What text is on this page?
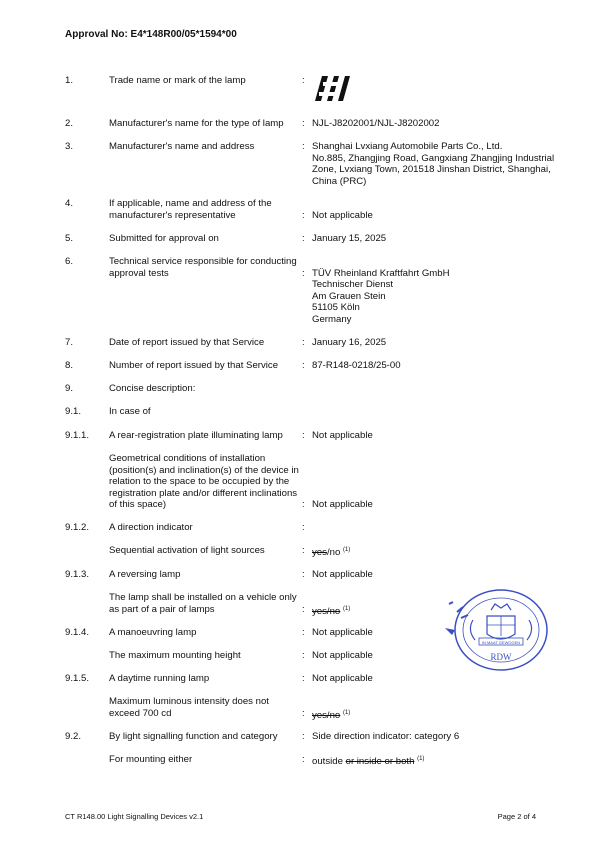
Approval No: E4*148R00/05*1594*00
1.	Trade name or mark of the lamp	:
2.	Manufacturer's name for the type of lamp	: NJL-J8202001/NJL-J8202002
3.	Manufacturer's name and address	: Shanghai Lvxiang Automobile Parts Co., Ltd.
No.885, Zhangjing Road, Gangxiang Zhangjing Industrial Zone, Lvxiang Town, 201518 Jinshan District, Shanghai, China (PRC)
4.	If applicable, name and address of the manufacturer's representative	: Not applicable
5.	Submitted for approval on	: January 15, 2025
6.	Technical service responsible for conducting approval tests	: TÜV Rheinland Kraftfahrt GmbH
Technischer Dienst
Am Grauen Stein
51105 Köln
Germany
7.	Date of report issued by that Service	: January 16, 2025
8.	Number of report issued by that Service	: 87-R148-0218/25-00
9.	Concise description:
9.1.	In case of
9.1.1. A rear-registration plate illuminating lamp	: Not applicable
Geometrical conditions of installation (position(s) and inclination(s) of the device in relation to the space to be occupied by the registration plate and/or different inclinations of this space)	: Not applicable
9.1.2. A direction indicator	:
Sequential activation of light sources	: yes/no $^{(1)}$
9.1.3. A reversing lamp	: Not applicable
The lamp shall be installed on a vehicle only as part of a pair of lamps	: yes/no $^{(1)}$
9.1.4. A manoeuvring lamp	: Not applicable
The maximum mounting height	: Not applicable
9.1.5. A daytime running lamp	: Not applicable
Maximum luminous intensity does not exceed 700 cd	: yes/no $^{(1)}$
9.2.	By light signalling function and category	: Side direction indicator: category 6
For mounting either	: outside or inside or both $^{(1)}$
IN MAAT GEWOGEN
RDW
CT R148.00 Light Signalling Devices v2.1	Page 2 of 4
